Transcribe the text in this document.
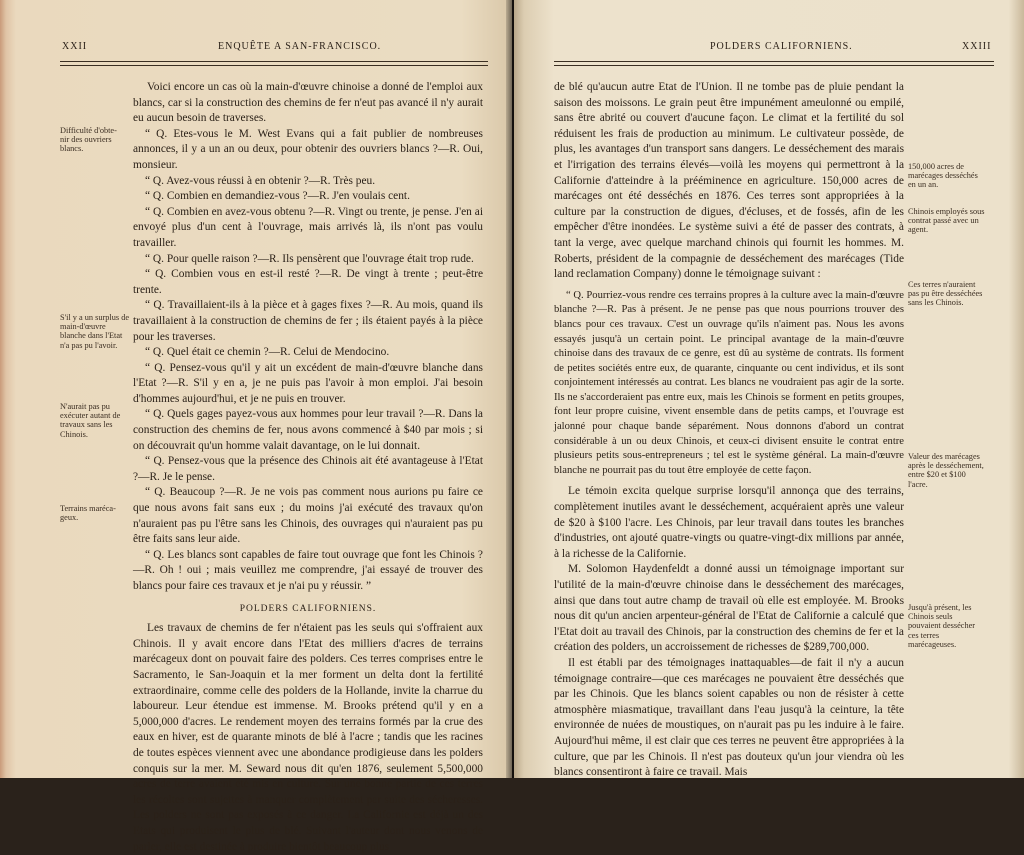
XXII	ENQUÊTE A SAN-FRANCISCO.
Difficulté d'obte-nir des ouvriers blancs.
S'il y a un surplus de main-d'œuvre blanche dans l'Etat n'a pas pu l'avoir.
N'aurait pas pu exécuter autant de travaux sans les Chinois.
Terrains maréca-geux.

Voici encore un cas où la main-d'œuvre chinoise a donné de l'emploi aux blancs, car si la construction des chemins de fer n'eut pas avancé il n'y aurait eu aucun besoin de traverses.

“ Q. Etes-vous le M. West Evans qui a fait publier de nombreuses annonces, il y a un an ou deux, pour obtenir des ouvriers blancs ?—R. Oui, monsieur.

“ Q. Avez-vous réussi à en obtenir ?—R. Très peu.

“ Q. Combien en demandiez-vous ?—R. J'en voulais cent.

“ Q. Combien en avez-vous obtenu ?—R. Vingt ou trente, je pense. J'en ai envoyé plus d'un cent à l'ouvrage, mais arrivés là, ils n'ont pas voulu travailler.

“ Q. Pour quelle raison ?—R. Ils pensèrent que l'ouvrage était trop rude.

“ Q. Combien vous en est-il resté ?—R. De vingt à trente ; peut-être trente.

“ Q. Travaillaient-ils à la pièce et à gages fixes ?—R. Au mois, quand ils travaillaient à la construction de chemins de fer ; ils étaient payés à la pièce pour les traverses.

“ Q. Quel était ce chemin ?—R. Celui de Mendocino.

“ Q. Pensez-vous qu'il y ait un excédent de main-d'œuvre blanche dans l'Etat ?—R. S'il y en a, je ne puis pas l'avoir à mon emploi. J'ai besoin d'hommes aujourd'hui, et je ne puis en trouver.

“ Q. Quels gages payez-vous aux hommes pour leur travail ?—R. Dans la construction des chemins de fer, nous avons commencé à $40 par mois ; si on découvrait qu'un homme valait davantage, on le lui donnait.

“ Q. Pensez-vous que la présence des Chinois ait été avantageuse à l'Etat ?—R. Je le pense.

“ Q. Beaucoup ?—R. Je ne vois pas comment nous aurions pu faire ce que nous avons fait sans eux ; du moins j'ai exécuté des travaux qu'on n'auraient pas pu l'être sans les Chinois, des ouvrages qui n'auraient pas pu être faits sans leur aide.

“ Q. Les blancs sont capables de faire tout ouvrage que font les Chinois ?—R. Oh ! oui ; mais veuillez me comprendre, j'ai essayé de trouver des blancs pour faire ces travaux et je n'ai pu y réussir. ”

POLDERS CALIFORNIENS.

Les travaux de chemins de fer n'étaient pas les seuls qui s'offraient aux Chinois. Il y avait encore dans l'Etat des milliers d'acres de terrains marécageux dont on pouvait faire des polders. Ces terres comprises entre le Sacramento, le San-Joaquin et la mer forment un delta dont la fertilité extraordinaire, comme celle des polders de la Hollande, invite la charrue du laboureur. Leur étendue est immense. M. Brooks prétend qu'il y en a 5,000,000 d'acres. Le rendement moyen des terrains formés par la crue des eaux en hiver, est de quarante minots de blé à l'acre ; tandis que les racines de toutes espèces viennent avec une abondance prodigieuse dans les polders conquis sur la mer. M. Seward nous dit qu'en 1876, seulement 5,500,000 acres de terre avaient été mis en culture. Sur une bonne partie de ces terres les récoltes sont sujettes à manquer complètement par suite des sécheresses. Les polders ne sont pas exposés à ce danger. La Californie est déjà un des Etats qui produisent le plus de blé. Suivant l'auteur dont nous venons de parler, elle est destinée à produire bientôt beaucoup plus

POLDERS CALIFORNIENS.	XXIII

de blé qu'aucun autre Etat de l'Union. Il ne tombe pas de pluie pendant la saison des moissons. Le grain peut être impunément ameulonné ou empilé, sans être abrité ou couvert d'aucune façon. Le climat et la fertilité du sol réduisent les frais de production au minimum. Le cultivateur possède, de plus, les avantages d'un transport sans dangers. Le desséchement des marais et l'irrigation des terrains élevés—voilà les moyens qui permettront à la Californie d'atteindre à la prééminence en agriculture. 150,000 acres de marécages ont été desséchés en 1876. Ces terres sont appropriées à la culture par la construction de digues, d'écluses, et de fossés, afin de les empêcher d'être inondées. Le système suivi a été de passer des contrats, à tant la verge, avec quelque marchand chinois qui fournit les hommes. M. Roberts, président de la compagnie de desséchement des marécages (Tide land reclamation Company) donne le témoignage suivant :

“ Q. Pourriez-vous rendre ces terrains propres à la culture avec la main-d'œuvre blanche ?—R. Pas à présent. Je ne pense pas que nous pourrions trouver des blancs pour ces travaux. C'est un ouvrage qu'ils n'aiment pas. Nous les avons essayés jusqu'à un certain point. Le principal avantage de la main-d'œuvre chinoise dans des travaux de ce genre, est dû au système de contrats. Ils forment de petites sociétés entre eux, de quarante, cinquante ou cent individus, et ils sont conjointement intéressés au contrat. Les blancs ne voudraient pas agir de la sorte. Ils ne s'accorderaient pas entre eux, mais les Chinois se forment en petits groupes, font leur propre cuisine, vivent ensemble dans de petits camps, et l'ouvrage est jalonné pour chaque bande séparément. Nous donnons d'abord un contrat considérable à un ou deux Chinois, et ceux-ci divisent ensuite le contrat entre plusieurs petits sous-entrepreneurs ; tel est le système général. La main-d'œuvre blanche ne pourrait pas du tout être employée de cette façon.

Le témoin excita quelque surprise lorsqu'il annonça que des terrains, complètement inutiles avant le desséchement, acquéraient après une valeur de $20 à $100 l'acre. Les Chinois, par leur travail dans toutes les branches d'industries, ont ajouté quatre-vingts ou quatre-vingt-dix millions par année, à la richesse de la Californie.

M. Solomon Haydenfeldt a donné aussi un témoignage important sur l'utilité de la main-d'œuvre chinoise dans le desséchement des marécages, ainsi que dans tout autre champ de travail où elle est employée. M. Brooks nous dit qu'un ancien arpenteur-général de l'Etat de Californie a calculé que l'Etat doit au travail des Chinois, par la construction des chemins de fer et la création des polders, un accroissement de richesses de $289,700,000.

Il est établi par des témoignages inattaquables—de fait il n'y a aucun témoignage contraire—que ces marécages ne pouvaient être desséchés que par les Chinois. Que les blancs soient capables ou non de résister à cette atmosphère miasmatique, travaillant dans l'eau jusqu'à la ceinture, la tête environnée de nuées de moustiques, on n'aurait pas pu les induire à le faire. Aujourd'hui même, il est clair que ces terres ne peuvent être appropriées à la culture, que par les Chinois. Il n'est pas douteux qu'un jour viendra où les blancs consentiront à faire ce travail. Mais

150,000 acres de marécages desséchés en un an.
Chinois employés sous contrat passé avec un agent.
Ces terres n'auraient pas pu être desséchées sans les Chinois.
Valeur des marécages après le desséchement, entre $20 et $100 l'acre.
Jusqu'à présent, les Chinois seuls pouvaient dessécher ces terres marécageuses.
